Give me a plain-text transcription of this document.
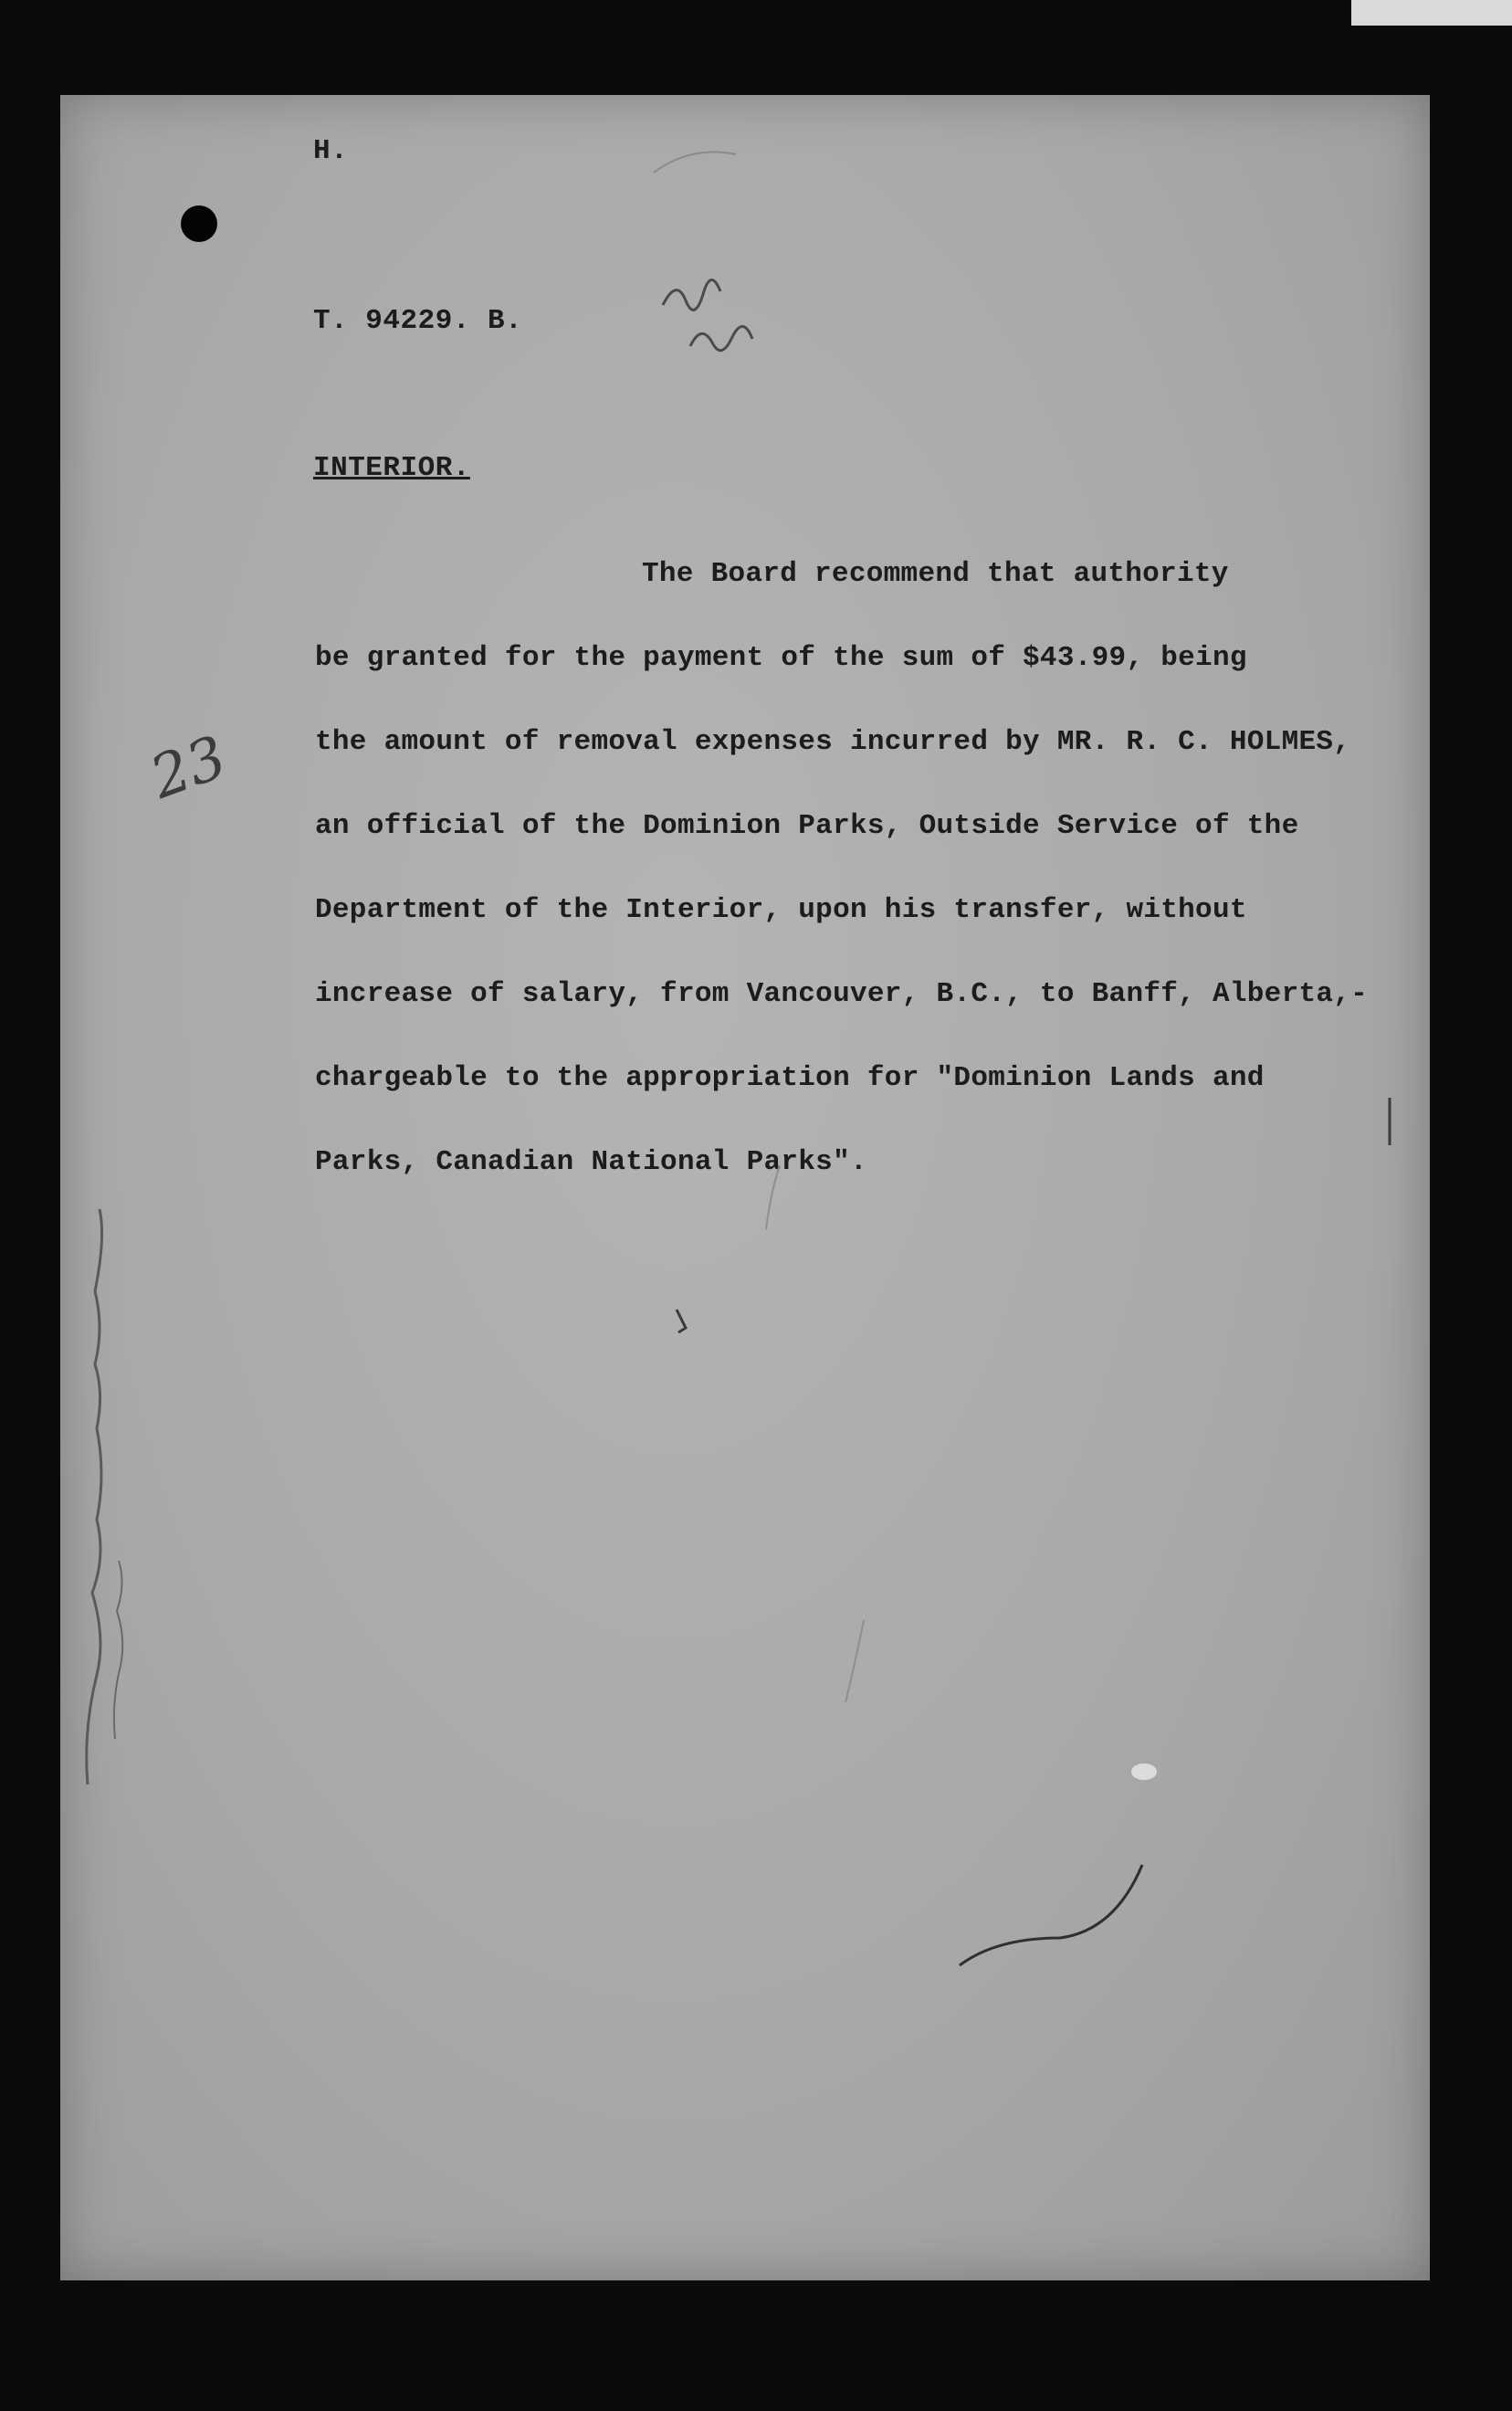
H.
T. 94229. B.
INTERIOR.
The Board recommend that authority
be granted for the payment of the sum of $43.99, being
the amount of removal expenses incurred by MR. R. C. HOLMES,
an official of the Dominion Parks, Outside Service of the
Department of the Interior, upon his transfer, without
increase of salary, from Vancouver, B.C., to Banff, Alberta,-
chargeable to the appropriation for "Dominion Lands and
Parks, Canadian National Parks".
23
